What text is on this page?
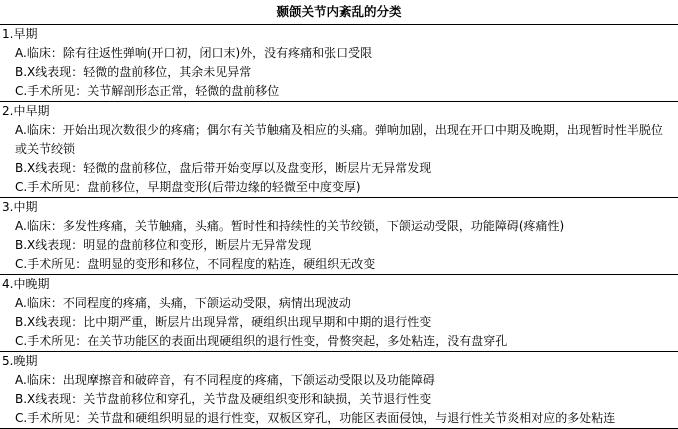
颞颌关节内紊乱的分类
1.早期
A.临床：除有往返性弹响(开口初，闭口末)外，没有疼痛和张口受限
B.X线表现：轻微的盘前移位，其余未见异常
C.手术所见：关节解剖形态正常，轻微的盘前移位
2.中早期
A.临床：开始出现次数很少的疼痛；偶尔有关节触痛及相应的头痛。弹响加剧，出现在开口中期及晚期，出现暂时性半脱位或关节绞锁
B.X线表现：轻微的盘前移位，盘后带开始变厚以及盘变形，断层片无异常发现
C.手术所见：盘前移位，早期盘变形(后带边缘的轻微至中度变厚)
3.中期
A.临床：多发性疼痛，关节触痛，头痛。暂时性和持续性的关节绞锁，下颌运动受限，功能障碍(疼痛性)
B.X线表现：明显的盘前移位和变形，断层片无异常发现
C.手术所见：盘明显的变形和移位，不同程度的粘连，硬组织无改变
4.中晚期
A.临床：不同程度的疼痛，头痛，下颌运动受限，病情出现波动
B.X线表现：比中期严重，断层片出现异常，硬组织出现早期和中期的退行性变
C.手术所见：在关节功能区的表面出现硬组织的退行性变，骨赘突起，多处粘连，没有盘穿孔
5.晚期
A.临床：出现摩擦音和破碎音，有不同程度的疼痛，下颌运动受限以及功能障碍
B.X线表现：关节盘前移位和穿孔，关节盘及硬组织变形和缺损，关节退行性变
C.手术所见：关节盘和硬组织明显的退行性变，双板区穿孔，功能区表面侵蚀，与退行性关节炎相对应的多处粘连
